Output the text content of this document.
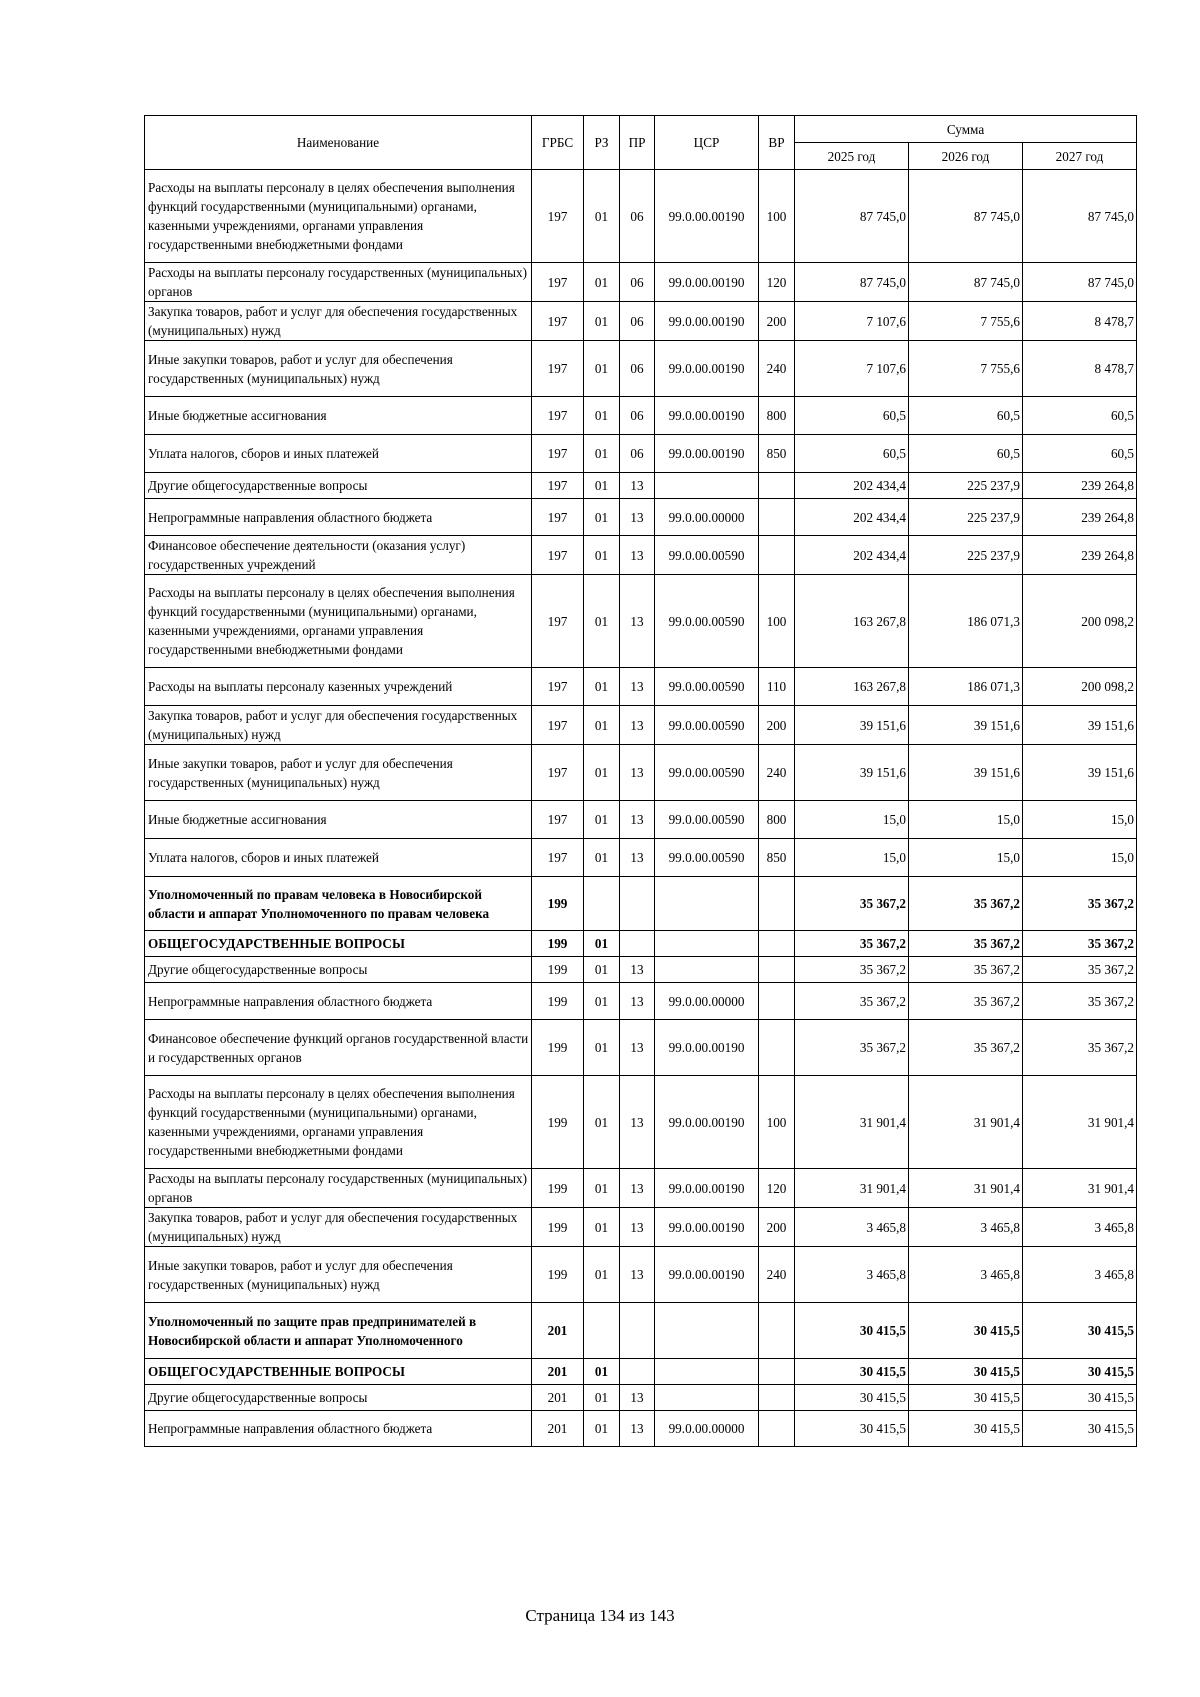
Наименование	ГРБС	РЗ	ПР	ЦСР	ВР	Сумма		
						2025 год	2026 год	2027 год
Расходы на выплаты персоналу в целях обеспечения выполнения функций государственными (муниципальными) органами, казенными учреждениями, органами управления государственными внебюджетными фондами	197	01	06	99.0.00.00190	100	87 745,0	87 745,0	87 745,0
Расходы на выплаты персоналу государственных (муниципальных) органов	197	01	06	99.0.00.00190	120	87 745,0	87 745,0	87 745,0
Закупка товаров, работ и услуг для обеспечения государственных (муниципальных) нужд	197	01	06	99.0.00.00190	200	7 107,6	7 755,6	8 478,7
Иные закупки товаров, работ и услуг для обеспечения государственных (муниципальных) нужд	197	01	06	99.0.00.00190	240	7 107,6	7 755,6	8 478,7
Иные бюджетные ассигнования	197	01	06	99.0.00.00190	800	60,5	60,5	60,5
Уплата налогов, сборов и иных платежей	197	01	06	99.0.00.00190	850	60,5	60,5	60,5
Другие общегосударственные вопросы	197	01	13			202 434,4	225 237,9	239 264,8
Непрограммные направления областного бюджета	197	01	13	99.0.00.00000		202 434,4	225 237,9	239 264,8
Финансовое обеспечение деятельности (оказания услуг) государственных учреждений	197	01	13	99.0.00.00590		202 434,4	225 237,9	239 264,8
Расходы на выплаты персоналу в целях обеспечения выполнения функций государственными (муниципальными) органами, казенными учреждениями, органами управления государственными внебюджетными фондами	197	01	13	99.0.00.00590	100	163 267,8	186 071,3	200 098,2
Расходы на выплаты персоналу казенных учреждений	197	01	13	99.0.00.00590	110	163 267,8	186 071,3	200 098,2
Закупка товаров, работ и услуг для обеспечения государственных (муниципальных) нужд	197	01	13	99.0.00.00590	200	39 151,6	39 151,6	39 151,6
Иные закупки товаров, работ и услуг для обеспечения государственных (муниципальных) нужд	197	01	13	99.0.00.00590	240	39 151,6	39 151,6	39 151,6
Иные бюджетные ассигнования	197	01	13	99.0.00.00590	800	15,0	15,0	15,0
Уплата налогов, сборов и иных платежей	197	01	13	99.0.00.00590	850	15,0	15,0	15,0
Уполномоченный по правам человека в Новосибирской области и аппарат Уполномоченного по правам человека	199					35 367,2	35 367,2	35 367,2
ОБЩЕГОСУДАРСТВЕННЫЕ ВОПРОСЫ	199	01				35 367,2	35 367,2	35 367,2
Другие общегосударственные вопросы	199	01	13			35 367,2	35 367,2	35 367,2
Непрограммные направления областного бюджета	199	01	13	99.0.00.00000		35 367,2	35 367,2	35 367,2
Финансовое обеспечение функций органов государственной власти и государственных органов	199	01	13	99.0.00.00190		35 367,2	35 367,2	35 367,2
Расходы на выплаты персоналу в целях обеспечения выполнения функций государственными (муниципальными) органами, казенными учреждениями, органами управления государственными внебюджетными фондами	199	01	13	99.0.00.00190	100	31 901,4	31 901,4	31 901,4
Расходы на выплаты персоналу государственных (муниципальных) органов	199	01	13	99.0.00.00190	120	31 901,4	31 901,4	31 901,4
Закупка товаров, работ и услуг для обеспечения государственных (муниципальных) нужд	199	01	13	99.0.00.00190	200	3 465,8	3 465,8	3 465,8
Иные закупки товаров, работ и услуг для обеспечения государственных (муниципальных) нужд	199	01	13	99.0.00.00190	240	3 465,8	3 465,8	3 465,8
Уполномоченный по защите прав предпринимателей в Новосибирской области и аппарат Уполномоченного	201					30 415,5	30 415,5	30 415,5
ОБЩЕГОСУДАРСТВЕННЫЕ ВОПРОСЫ	201	01				30 415,5	30 415,5	30 415,5
Другие общегосударственные вопросы	201	01	13			30 415,5	30 415,5	30 415,5
Непрограммные направления областного бюджета	201	01	13	99.0.00.00000		30 415,5	30 415,5	30 415,5
Страница 134 из 143
